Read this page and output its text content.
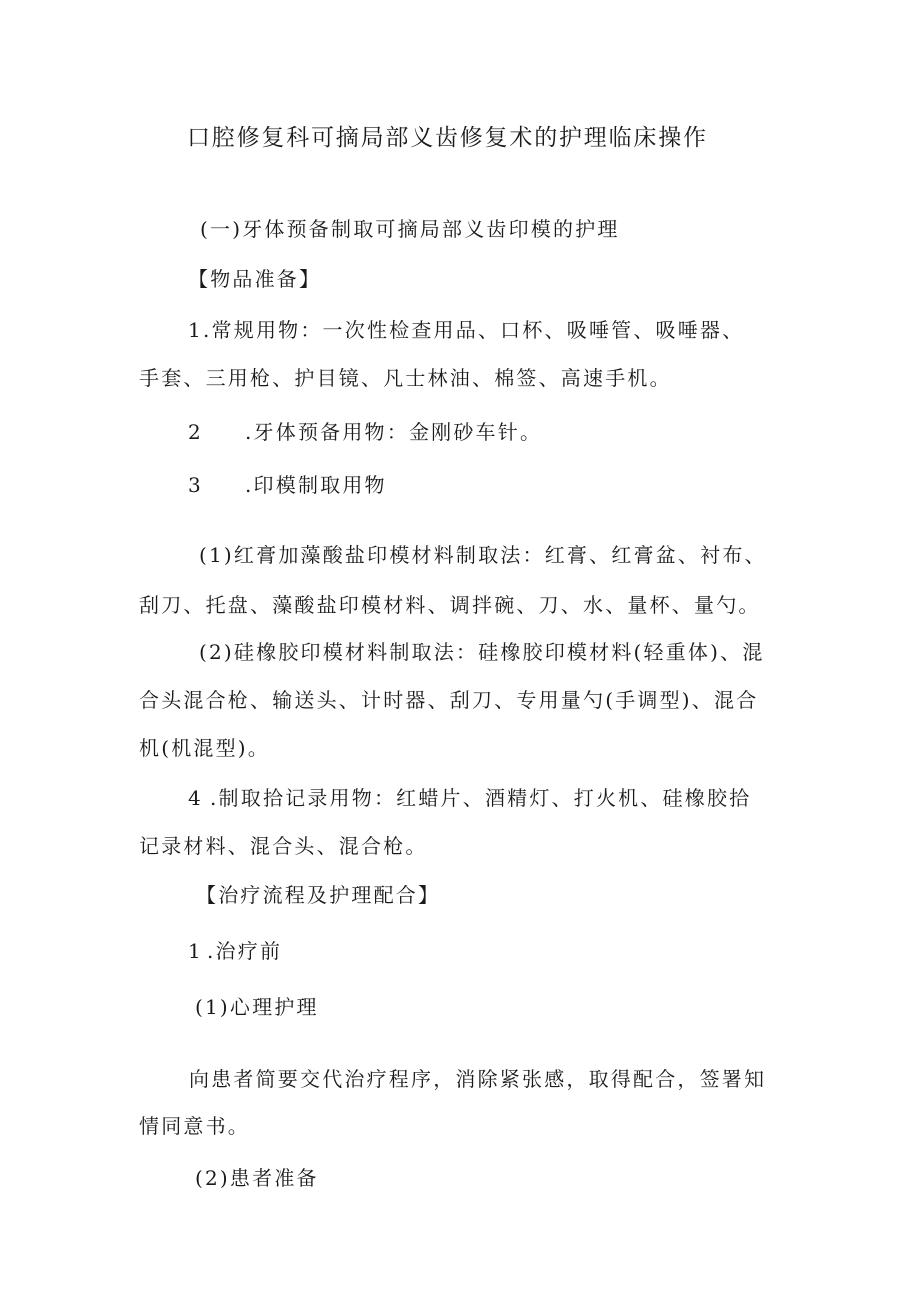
口腔修复科可摘局部义齿修复术的护理临床操作
(一)牙体预备制取可摘局部义齿印模的护理
【物品准备】
1 .常规用物：一次性检查用品、口杯、吸唾管、吸唾器、
手套、三用枪、护目镜、凡士林油、棉签、高速手机。
2 .牙体预备用物：金刚砂车针。
3 .印模制取用物
(1)红膏加藻酸盐印模材料制取法：红膏、红膏盆、衬布、
刮刀、托盘、藻酸盐印模材料、调拌碗、刀、水、量杯、量勺。
(2)硅橡胶印模材料制取法：硅橡胶印模材料(轻重体)、混
合头混合枪、输送头、计时器、刮刀、专用量勺(手调型)、混合
机(机混型)。
4 .制取拾记录用物：红蜡片、酒精灯、打火机、硅橡胶拾
记录材料、混合头、混合枪。
【治疗流程及护理配合】
1 .治疗前
(1)心理护理
向患者简要交代治疗程序，消除紧张感，取得配合，签署知
情同意书。
(2)患者准备
